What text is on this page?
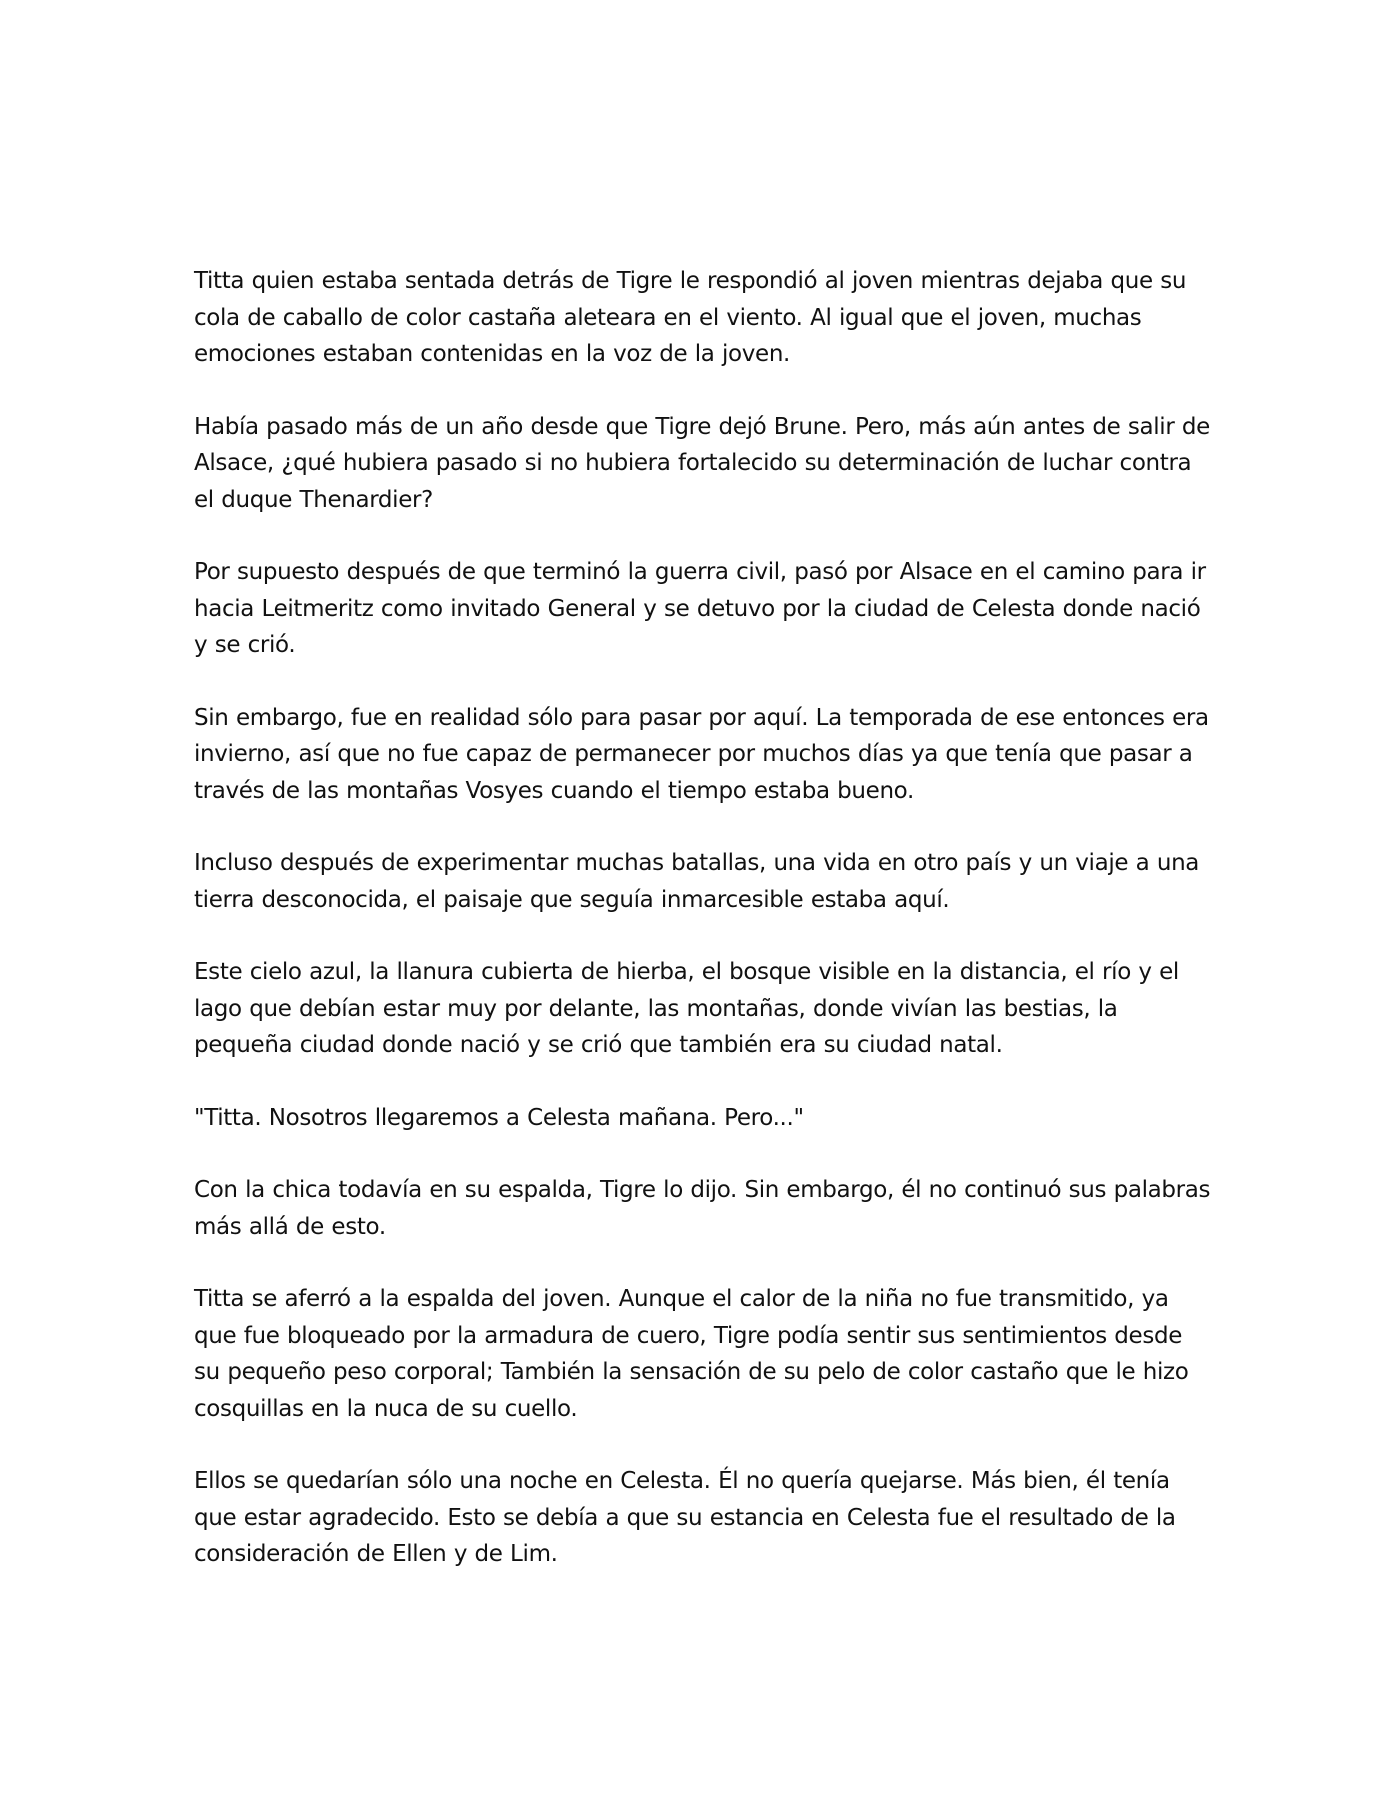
Titta quien estaba sentada detrás de Tigre le respondió al joven mientras dejaba que su cola de caballo de color castaña aleteara en el viento. Al igual que el joven, muchas emociones estaban contenidas en la voz de la joven.

Había pasado más de un año desde que Tigre dejó Brune. Pero, más aún antes de salir de Alsace, ¿qué hubiera pasado si no hubiera fortalecido su determinación de luchar contra el duque Thenardier?

Por supuesto después de que terminó la guerra civil, pasó por Alsace en el camino para ir hacia Leitmeritz como invitado General y se detuvo por la ciudad de Celesta donde nació y se crió.

Sin embargo, fue en realidad sólo para pasar por aquí. La temporada de ese entonces era invierno, así que no fue capaz de permanecer por muchos días ya que tenía que pasar a través de las montañas Vosyes cuando el tiempo estaba bueno.

Incluso después de experimentar muchas batallas, una vida en otro país y un viaje a una tierra desconocida, el paisaje que seguía inmarcesible estaba aquí.

Este cielo azul, la llanura cubierta de hierba, el bosque visible en la distancia, el río y el lago que debían estar muy por delante, las montañas, donde vivían las bestias, la pequeña ciudad donde nació y se crió que también era su ciudad natal.

"Titta. Nosotros llegaremos a Celesta mañana. Pero..."

Con la chica todavía en su espalda, Tigre lo dijo. Sin embargo, él no continuó sus palabras más allá de esto.

Titta se aferró a la espalda del joven. Aunque el calor de la niña no fue transmitido, ya que fue bloqueado por la armadura de cuero, Tigre podía sentir sus sentimientos desde su pequeño peso corporal; También la sensación de su pelo de color castaño que le hizo cosquillas en la nuca de su cuello.

Ellos se quedarían sólo una noche en Celesta. Él no quería quejarse. Más bien, él tenía que estar agradecido. Esto se debía a que su estancia en Celesta fue el resultado de la consideración de Ellen y de Lim.
